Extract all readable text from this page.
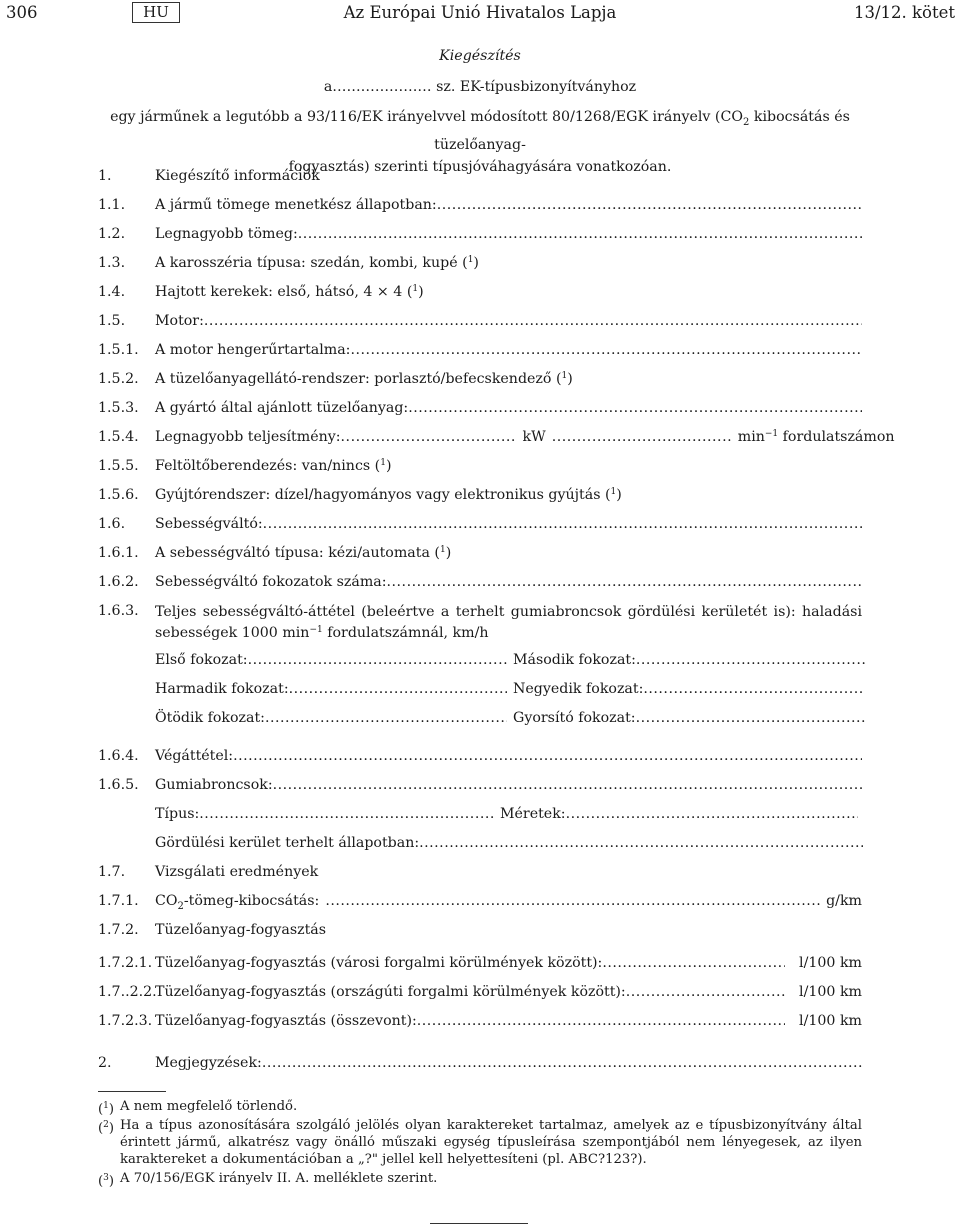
306	HU	Az Európai Unió Hivatalos Lapja	13/12. kötet
Kiegészítés
a………………… sz. EK-típusbizonyítványhoz
egy járműnek a legutóbb a 93/116/EK irányelvvel módosított 80/1268/EGK irányelv ($CO_2$ kibocsátás és tüzelőanyag-
fogyasztás) szerinti típusjóváhagyására vonatkozóan.
1.	Kiegészítő információk
1.1.	A jármű tömege menetkész állapotban:
.....
1.2.	Legnagyobb tömeg:
.....
1.3.	A karosszéria típusa: szedán, kombi, kupé ($^1$)
1.4.	Hajtott kerekek: első, hátsó, 4 × 4 ($^1$)
1.5.	Motor:
.....
1.5.1.	A motor hengerűrtartalma:
.....
1.5.2.	A tüzelőanyagellátó-rendszer: porlasztó/befecskendező ($^1$)
1.5.3.	A gyártó által ajánlott tüzelőanyag:
.....
1.5.4.	Legnagyobb teljesítmény: .....	kW .....	$\min^{-1}$ fordulatszámon
1.5.5.	Feltöltőberendezés: van/nincs ($^1$)
1.5.6.	Gyújtórendszer: dízel/hagyományos vagy elektronikus gyújtás ($^1$)
1.6.	Sebességváltó:
.....
1.6.1.	A sebességváltó típusa: kézi/automata ($^1$)
1.6.2.	Sebességváltó fokozatok száma:
.....
1.6.3.	Teljes sebességváltó-áttétel (beleértve a terhelt gumiabroncsok gördülési kerületét is): haladási sebességek 1000 $\min^{-1}$ fordulatszámnál, km/h
Első fokozat: .....	Második fokozat:
.....
Harmadik fokozat: .....	Negyedik fokozat:
.....
Ötödik fokozat: .....	Gyorsító fokozat:
.....
1.6.4.	Végáttétel:
.....
1.6.5.	Gumiabroncsok:
.....
Típus: .....	Méretek:
.....
Gördülési kerület terhelt állapotban:
.....
1.7.	Vizsgálati eredmények
1.7.1.	$CO_2-tömeg$-kibocsátás: .....	g/km
1.7.2.	Tüzelőanyag-fogyasztás
1.7.2.1. Tüzelőanyag-fogyasztás (városi forgalmi körülmények között): .....	l/100 km
1.7..2.2.
Tüzelőanyag-fogyasztás (országúti forgalmi körülmények között): .....	l/100 km
1.7.2.3. Tüzelőanyag-fogyasztás (összevont): .....	l/100 km
2.	Megjegyzések:
.....
($^1$) A nem megfelelő törlendő.
($^2$) Ha a típus azonosítására szolgáló jelölés olyan karaktereket tartalmaz, amelyek az e típusbizonyítvány által érintett jármű, alkatrész vagy önálló műszaki egység típusleírása szempontjából nem lényegesek, az ilyen karaktereket a dokumentációban a „?" jellel kell helyettesíteni (pl. ABC?123?).
($^3$) A 70/156/EGK irányelv II. A. melléklete szerint.
